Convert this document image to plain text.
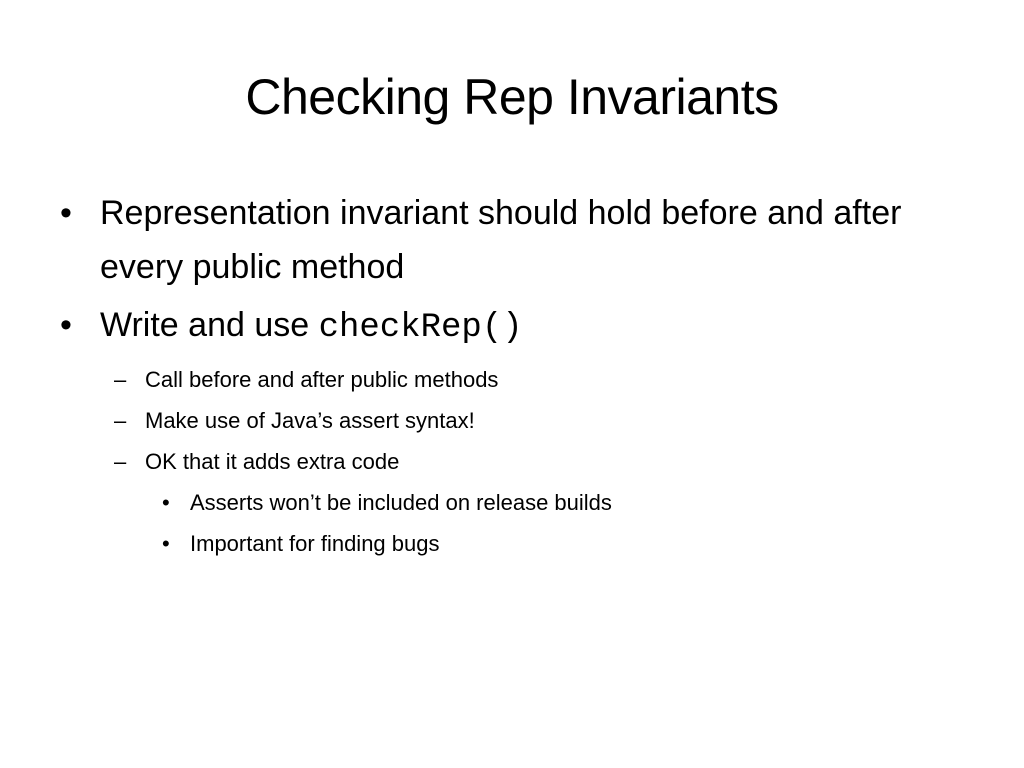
Checking Rep Invariants
• Representation invariant should hold before and after every public method
• Write and use checkRep()
– Call before and after public methods
– Make use of Java’s assert syntax!
– OK that it adds extra code
• Asserts won’t be included on release builds
• Important for finding bugs
